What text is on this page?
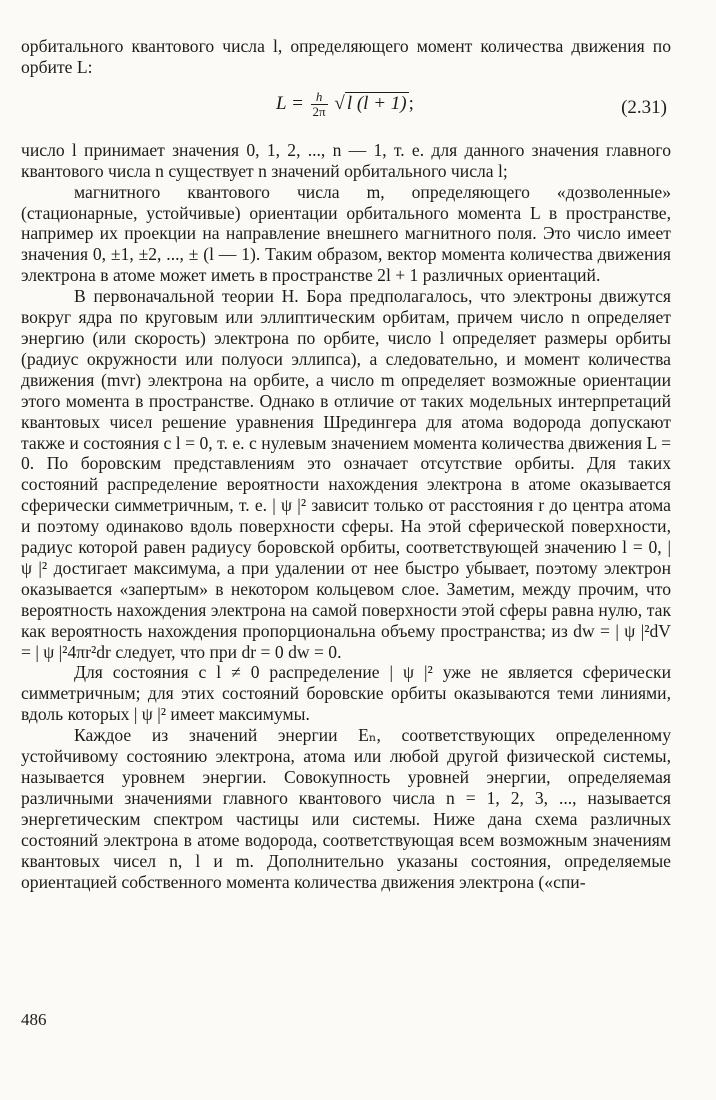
орбитального квантового числа l, определяющего момент количества движения по орбите L:

$L = \frac{h}{2\pi}$ √ l (l + 1) ;	(2.31)

число l принимает значения 0, 1, 2, ..., n — 1, т. е. для данного значения главного квантового числа n существует n значений орбитального числа l;

магнитного квантового числа m, определяющего «дозволенные» (стационарные, устойчивые) ориентации орбитального момента L в пространстве, например их проекции на направление внешнего магнитного поля. Это число имеет значения 0, ±1, ±2, ..., ± (l — 1). Таким образом, вектор момента количества движения электрона в атоме может иметь в пространстве 2l + 1 различных ориентаций.

В первоначальной теории Н. Бора предполагалось, что электроны движутся вокруг ядра по круговым или эллиптическим орбитам, причем число n определяет энергию (или скорость) электрона по орбите, число l определяет размеры орбиты (радиус окружности или полуоси эллипса), а следовательно, и момент количества движения (mvr) электрона на орбите, а число m определяет возможные ориентации этого момента в пространстве. Однако в отличие от таких модельных интерпретаций квантовых чисел решение уравнения Шредингера для атома водорода допускают также и состояния с l = 0, т. е. с нулевым значением момента количества движения L = 0. По боровским представлениям это означает отсутствие орбиты. Для таких состояний распределение вероятности нахождения электрона в атоме оказывается сферически симметричным, т. е. | ψ |² зависит только от расстояния r до центра атома и поэтому одинаково вдоль поверхности сферы. На этой сферической поверхности, радиус которой равен радиусу боровской орбиты, соответствующей значению l = 0, | ψ |² достигает максимума, а при удалении от нее быстро убывает, поэтому электрон оказывается «запертым» в некотором кольцевом слое. Заметим, между прочим, что вероятность нахождения электрона на самой поверхности этой сферы равна нулю, так как вероятность нахождения пропорциональна объему пространства; из dw = | ψ |²dV = | ψ |²4πr²dr следует, что при dr = 0 dw = 0.

Для состояния с l ≠ 0 распределение | ψ |² уже не является сферически симметричным; для этих состояний боровские орбиты оказываются теми линиями, вдоль которых | ψ |² имеет максимумы.

Каждое из значений энергии Eₙ, соответствующих определенному устойчивому состоянию электрона, атома или любой другой физической системы, называется уровнем энергии. Совокупность уровней энергии, определяемая различными значениями главного квантового числа n = 1, 2, 3, ..., называется энергетическим спектром частицы или системы. Ниже дана схема различных состояний электрона в атоме водорода, соответствующая всем возможным значениям квантовых чисел n, l и m. Дополнительно указаны состояния, определяемые ориентацией собственного момента количества движения электрона («спи-

486
